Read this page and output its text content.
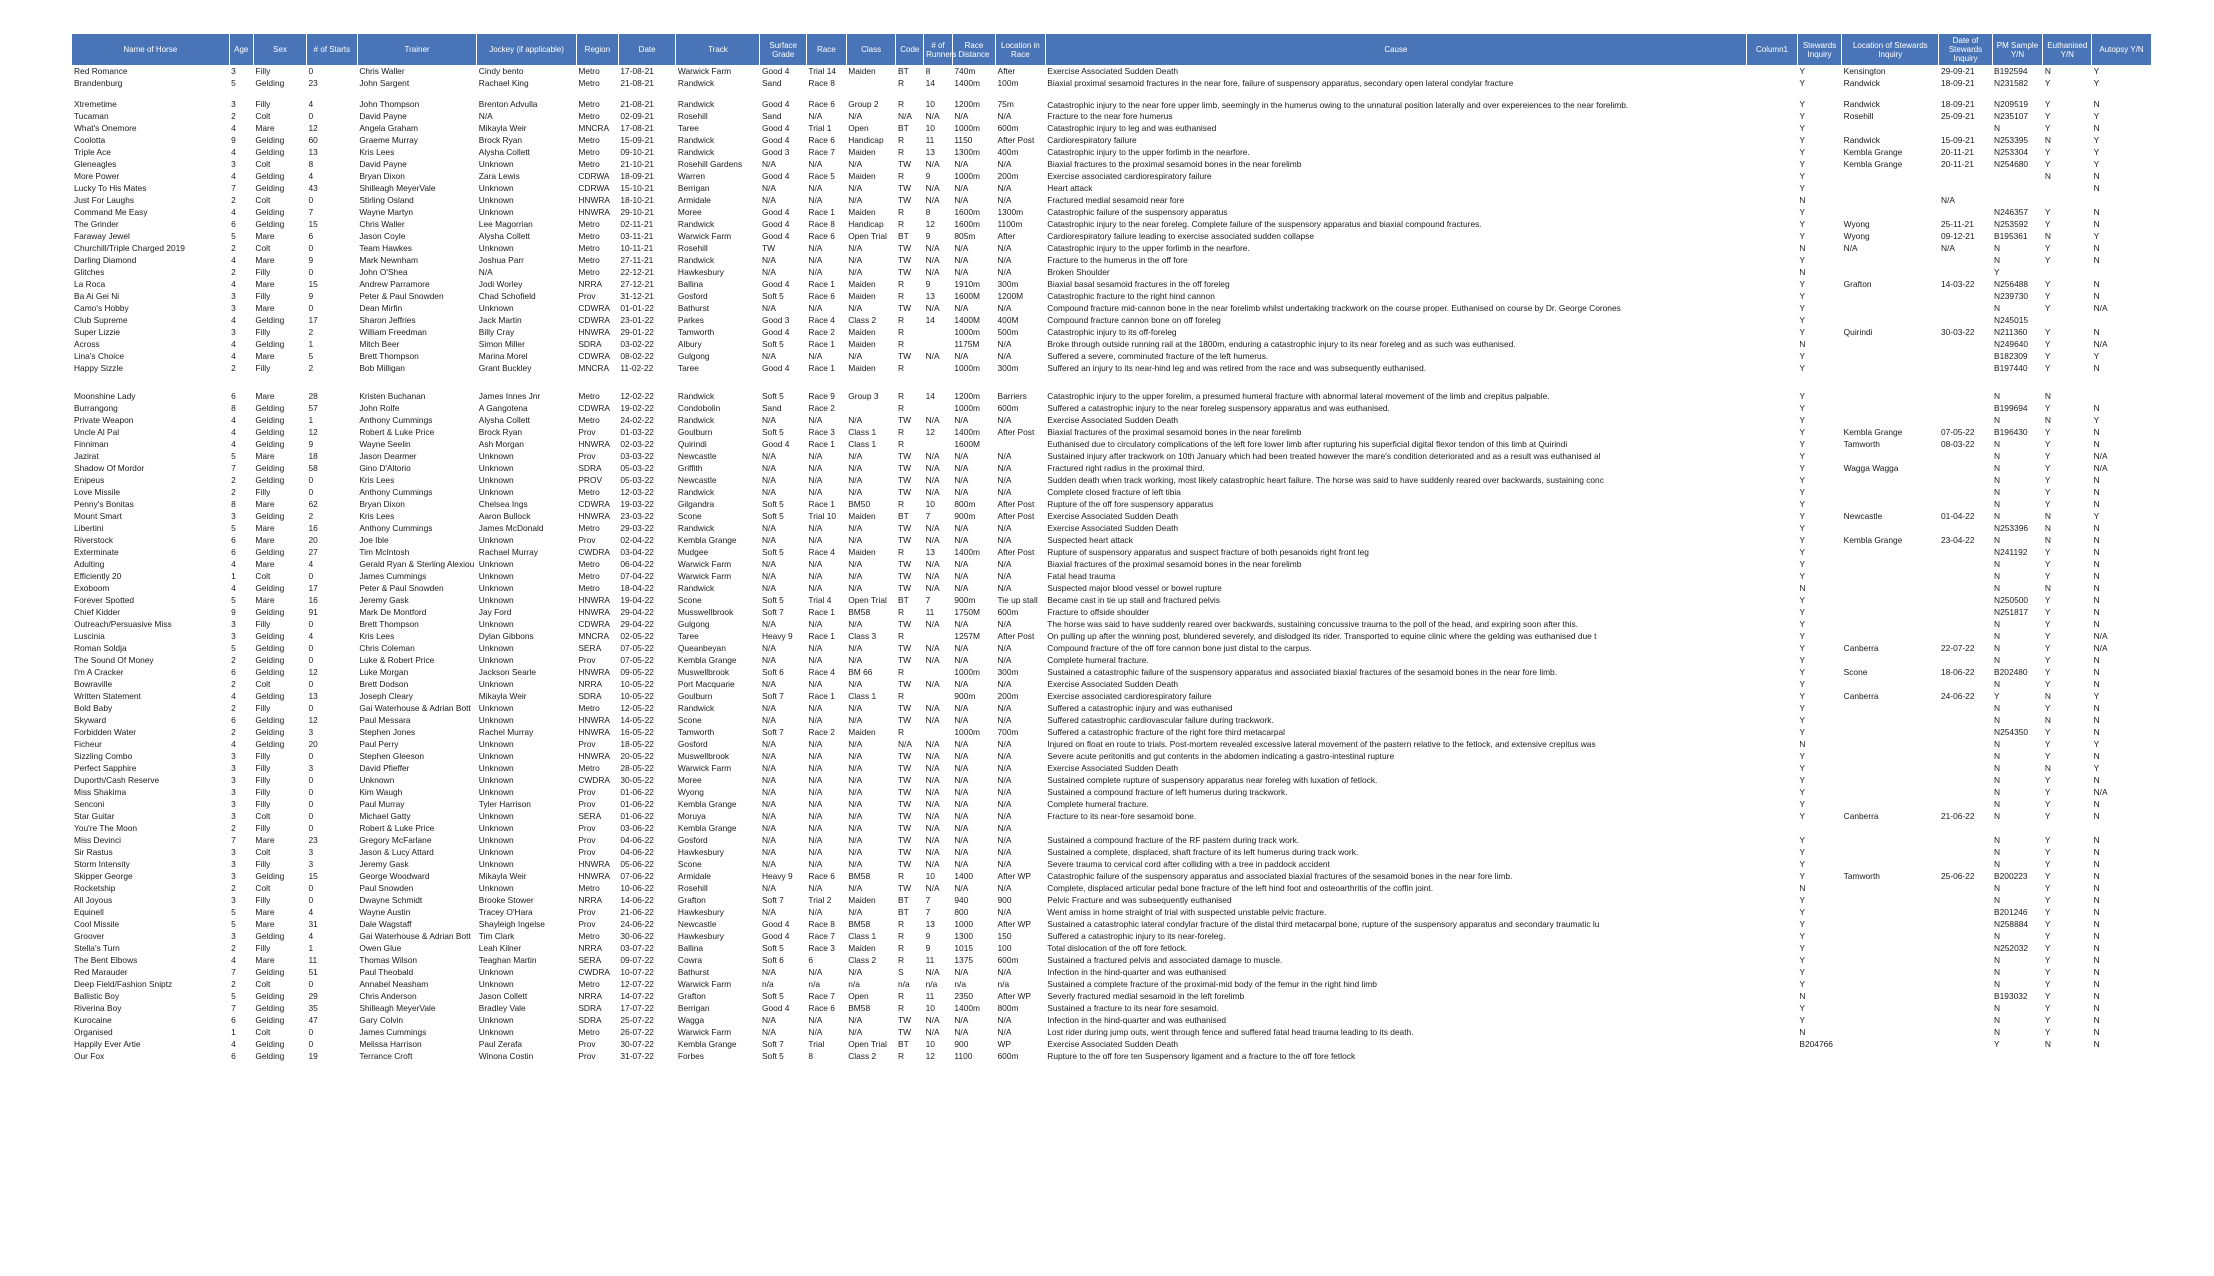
Name of Horse	Age	Sex	# of Starts	Trainer	Jockey (if applicable)	Region	Date	Track	Surface Grade	Race	Class	Code	# of Runners	Race Distance	Location in Race	Cause	Column1	Stewards Inquiry	Location of Stewards Inquiry	Date of Stewards Inquiry	PM Sample Y/N	Euthanised Y/N	Autopsy Y/N
Red Romance	3	Filly	0	Chris Waller	Cindy bento	Metro	17-08-21	Warwick Farm	Good 4	Trial 14	Maiden	BT	8	740m	After	Exercise Associated Sudden Death		Y	Kensington	29-09-21	B192594	N	Y
Brandenburg	5	Gelding	23	John Sargent	Rachael King	Metro	21-08-21	Randwick	Sand	Race 8		R	14	1400m	100m	Biaxial proximal sesamoid fractures in the near fore, failure of suspensory apparatus, secondary open lateral condylar fracture		Y	Randwick	18-09-21	N231582	Y	Y
Xtremetime	3	Filly	4	John Thompson	Brenton Advulla	Metro	21-08-21	Randwick	Good 4	Race 6	Group 2	R	10	1200m	75m	Catastrophic injury to the near fore upper limb, seemingly in the humerus owing to the unnatural position laterally and over expereiences to the near forelimb.		Y	Randwick	18-09-21	N209519	Y	N
Tucaman	2	Colt	0	David Payne	N/A	Metro	02-09-21	Rosehill	Sand	N/A	N/A	N/A	N/A	N/A	N/A	Fracture to the near fore humerus		Y	Rosehill	25-09-21	N235107	Y	Y
What's Onemore	4	Mare	12	Angela Graham	Mikayla Weir	MNCRA	17-08-21	Taree	Good 4	Trial 1	Open	BT	10	1000m	600m	Catastrophic injury to leg and was euthanised		Y			N	Y	N
Coolotta	9	Gelding	60	Graeme Murray	Brock Ryan	Metro	15-09-21	Randwick	Good 4	Race 6	Handicap	R	11	1150	After Post	Cardiorespiratory failure		Y	Randwick	15-09-21	N253395	N	Y
Triple Ace	4	Gelding	13	Kris Lees	Alysha Collett	Metro	09-10-21	Randwick	Good 3	Race 7	Maiden	R	13	1300m	400m	Catastrophic injury to the upper forlimb in the nearfore.		Y	Kembla Grange	20-11-21	N253304	Y	Y
Gleneagles	3	Colt	8	David Payne	Unknown	Metro	21-10-21	Rosehill Gardens	N/A	N/A	N/A	TW	N/A	N/A	N/A	Biaxial fractures to the proximal sesamoid bones in the near forelimb		Y	Kembla Grange	20-11-21	N254680	Y	Y
More Power	4	Gelding	4	Bryan Dixon	Zara Lewis	CDRWA	18-09-21	Warren	Good 4	Race 5	Maiden	R	9	1000m	200m	Exercise associated cardiorespiratory failure		Y				N	N
Lucky To His Mates	7	Gelding	43	Shilleagh MeyerVale	Unknown	CDRWA	15-10-21	Berrigan	N/A	N/A	N/A	TW	N/A	N/A	N/A	Heart attack		Y					N
Just For Laughs	2	Colt	0	Stirling Osland	Unknown	HNWRA	18-10-21	Armidale	N/A	N/A	N/A	TW	N/A	N/A	N/A	Fractured medial sesamoid near fore		N		N/A			
Command Me Easy	4	Gelding	7	Wayne Martyn	Unknown	HNWRA	29-10-21	Moree	Good 4	Race 1	Maiden	R	8	1600m	1300m	Catastrophic failure of the suspensory apparatus		Y			N246357	Y	N
The Grinder	6	Gelding	15	Chris Waller	Lee Magorrian	Metro	02-11-21	Randwick	Good 4	Race 8	Handicap	R	12	1600m	1100m	Catastrophic injury to the near foreleg. Complete failure of the suspensory apparatus and biaxial compound fractures.		Y	Wyong	25-11-21	N253592	Y	N
Faraway Jewel	5	Mare	6	Jason Coyle	Alysha Collett	Metro	03-11-21	Warwick Farm	Good 4	Race 6	Open Trial	BT	9	805m	After	Cardiorespiratory failure leading to exercise associated sudden collapse		Y	Wyong	09-12-21	B195361	N	Y
Churchill/Triple Charged 2019	2	Colt	0	Team Hawkes	Unknown	Metro	10-11-21	Rosehill	TW	N/A	N/A	TW	N/A	N/A	N/A	Catastrophic injury to the upper forlimb in the nearfore.		N	N/A	N/A	N	Y	N
Darling Diamond	4	Mare	9	Mark Newnham	Joshua Parr	Metro	27-11-21	Randwick	N/A	N/A	N/A	TW	N/A	N/A	N/A	Fracture to the humerus in the off fore		Y			N	Y	N
Glitches	2	Filly	0	John O'Shea	N/A	Metro	22-12-21	Hawkesbury	N/A	N/A	N/A	TW	N/A	N/A	N/A	Broken Shoulder		N			Y		
La Roca	4	Mare	15	Andrew Parramore	Jodi Worley	NRRA	27-12-21	Ballina	Good 4	Race 1	Maiden	R	9	1910m	300m	Biaxial basal sesamoid fractures in the off foreleg		Y	Grafton	14-03-22	N256488	Y	N
Ba Ai Gei Ni	3	Filly	9	Peter & Paul Snowden	Chad Schofield	Prov	31-12-21	Gosford	Soft 5	Race 6	Maiden	R	13	1600M	1200M	Catastrophic fracture to the right hind cannon		Y			N239730	Y	N
Camo's Hobby	3	Mare	0	Dean Mirfin	Unknown	CDWRA	01-01-22	Bathurst	N/A	N/A	N/A	TW	N/A	N/A	N/A	Compound fracture mid-cannon bone in the near forelimb whilst undertaking trackwork on the course proper. Euthanised on course by Dr. George Corones		Y			N	Y	N/A
Club Supreme	4	Gelding	17	Sharon Jeffries	Jack Martin	CDWRA	23-01-22	Parkes	Good 3	Race 4	Class 2	R	14	1400M	400M	Compound fracture cannon bone on off foreleg		Y			N245015		
Super Lizzie	3	Filly	2	William Freedman	Billy Cray	HNWRA	29-01-22	Tamworth	Good 4	Race 2	Maiden	R		1000m	500m	Catastrophic injury to its off-foreleg		Y	Quirindi	30-03-22	N211360	Y	N
Across	4	Gelding	1	Mitch Beer	Simon Miller	SDRA	03-02-22	Albury	Soft 5	Race 1	Maiden	R		1175M	N/A	Broke through outside running rail at the 1800m, enduring a catastrophic injury to its near foreleg and as such was euthanised.		N			N249640	Y	N/A
Lina's Choice	4	Mare	5	Brett Thompson	Marina Morel	CDWRA	08-02-22	Gulgong	N/A	N/A	N/A	TW	N/A	N/A	N/A	Suffered a severe, comminuted fracture of the left humerus.		Y			B182309	Y	Y
Happy Sizzle	2	Filly	2	Bob Milligan	Grant Buckley	MNCRA	11-02-22	Taree	Good 4	Race 1	Maiden	R		1000m	300m	Suffered an injury to its near-hind leg and was retired from the race and was subsequently euthanised.		Y			B197440	Y	N

Moonshine Lady	6	Mare	28	Kristen Buchanan	James Innes Jnr	Metro	12-02-22	Randwick	Soft 5	Race 9	Group 3	R	14	1200m	Barriers	Catastrophic injury to the upper forelim, a presumed humeral fracture with abnormal lateral movement of the limb and crepitus palpable.		Y			N	N	
Burrangong	8	Gelding	57	John Rolfe	A Gangotena	CDWRA	19-02-22	Condobolin	Sand	Race 2		R		1000m	600m	Suffered a catastrophic injury to the near foreleg suspensory apparatus and was euthanised.		Y			B199694	Y	N
Private Weapon	4	Gelding	1	Anthony Cummings	Alysha Collett	Metro	24-02-22	Randwick	N/A	N/A	N/A	TW	N/A	N/A	N/A	Exercise Associated Sudden Death		Y			N	N	Y
Uncle Al Pal	4	Gelding	12	Robert & Luke Price	Brock Ryan	Prov	01-03-22	Goulburn	Soft 5	Race 3	Class 1	R	12	1400m	After Post	Biaxial fractures of the proximal sesamoid bones in the near forelimb		Y	Kembla Grange	07-05-22	B196430	Y	N
Finniman	4	Gelding	9	Wayne Seelin	Ash Morgan	HNWRA	02-03-22	Quirindi	Good 4	Race 1	Class 1	R		1600M		Euthanised due to circulatory complications of the left fore lower limb after rupturing his superficial digital flexor tendon of this limb at Quirindi		Y	Tamworth	08-03-22	N	Y	N
Jazirat	5	Mare	18	Jason Dearmer	Unknown	Prov	03-03-22	Newcastle	N/A	N/A	N/A	TW	N/A	N/A	N/A	Sustained injury after trackwork on 10th January which had been treated however the mare's condition deteriorated and as a result was euthanised al		Y			N	Y	N/A
Shadow Of Mordor	7	Gelding	58	Gino D'Altorio	Unknown	SDRA	05-03-22	Griffith	N/A	N/A	N/A	TW	N/A	N/A	N/A	Fractured right radius in the proximal third.		Y	Wagga Wagga		N	Y	N/A
Enipeus	2	Gelding	0	Kris Lees	Unknown	PROV	05-03-22	Newcastle	N/A	N/A	N/A	TW	N/A	N/A	N/A	Sudden death when track working, most likely catastrophic heart failure. The horse was said to have suddenly reared over backwards, sustaining conc		Y			N	Y	N
Love Missile	2	Filly	0	Anthony Cummings	Unknown	Metro	12-03-22	Randwick	N/A	N/A	N/A	TW	N/A	N/A	N/A	Complete closed fracture of left tibia		Y			N	Y	N
Penny's Bonitas	8	Mare	62	Bryan Dixon	Chelsea Ings	CDWRA	19-03-22	Gilgandra	Soft 5	Race 1	BM50	R	10	800m	After Post	Rupture of the off fore suspensory apparatus		Y			N	Y	N
Mount Smart	3	Gelding	2	Kris Lees	Aaron Bullock	HNWRA	23-03-22	Scone	Soft 5	Trial 10	Maiden	BT	7	900m	After Post	Exercise Associated Sudden Death		Y	Newcastle	01-04-22	N	N	Y
Libertini	5	Mare	16	Anthony Cummings	James McDonald	Metro	29-03-22	Randwick	N/A	N/A	N/A	TW	N/A	N/A	N/A	Exercise Associated Sudden Death		Y			N253396	N	N
Riverstock	6	Mare	20	Joe Ible	Unknown	Prov	02-04-22	Kembla Grange	N/A	N/A	N/A	TW	N/A	N/A	N/A	Suspected heart attack		Y	Kembla Grange	23-04-22	N	N	N
Exterminate	6	Gelding	27	Tim McIntosh	Rachael Murray	CWDRA	03-04-22	Mudgee	Soft 5	Race 4	Maiden	R	13	1400m	After Post	Rupture of suspensory apparatus and suspect fracture of both pesanoids right front leg		Y			N241192	Y	N
Adulting	4	Mare	4	Gerald Ryan & Sterling Alexiou	Unknown	Metro	06-04-22	Warwick Farm	N/A	N/A	N/A	TW	N/A	N/A	N/A	Biaxial fractures of the proximal sesamoid bones in the near forelimb		Y			N	Y	N
Efficiently 20	1	Colt	0	James Cummings	Unknown	Metro	07-04-22	Warwick Farm	N/A	N/A	N/A	TW	N/A	N/A	N/A	Fatal head trauma		Y			N	Y	N
Exoboom	4	Gelding	17	Peter & Paul Snowden	Unknown	Metro	18-04-22	Randwick	N/A	N/A	N/A	TW	N/A	N/A	N/A	Suspected major blood vessel or bowel rupture		N			N	N	N
Forever Spotted	5	Mare	16	Jeremy Gask	Unknown	HNWRA	19-04-22	Scone	Soft 5	Trial 4	Open Trial	BT	7	900m	Tie up stall	Became cast in tie up stall and fractured pelvis		Y			N250500	Y	N
Chief Kidder	9	Gelding	91	Mark De Montford	Jay Ford	HNWRA	29-04-22	Musswellbrook	Soft 7	Race 1	BM58	R	11	1750M	600m	Fracture to offside shoulder		Y			N251817	Y	N
Outreach/Persuasive Miss	3	Filly	0	Brett Thompson	Unknown	CDWRA	29-04-22	Gulgong	N/A	N/A	N/A	TW	N/A	N/A	N/A	The horse was said to have suddenly reared over backwards, sustaining concussive trauma to the poll of the head, and expiring soon after this.		Y			N	Y	N
Luscinia	3	Gelding	4	Kris Lees	Dylan Gibbons	MNCRA	02-05-22	Taree	Heavy 9	Race 1	Class 3	R		1257M	After Post	On pulling up after the winning post, blundered severely, and dislodged its rider. Transported to equine clinic where the gelding was euthanised due t		Y			N	Y	N/A
Roman Soldja	5	Gelding	0	Chris Coleman	Unknown	SERA	07-05-22	Queanbeyan	N/A	N/A	N/A	TW	N/A	N/A	N/A	Compound fracture of the off fore cannon bone just distal to the carpus.		Y	Canberra	22-07-22	N	Y	N/A
The Sound Of Money	2	Gelding	0	Luke & Robert Price	Unknown	Prov	07-05-22	Kembla Grange	N/A	N/A	N/A	TW	N/A	N/A	N/A	Complete humeral fracture.		Y			N	Y	N
I'm A Cracker	6	Gelding	12	Luke Morgan	Jackson Searle	HNWRA	09-05-22	Muswellbrook	Soft 6	Race 4	BM 66	R		1000m	300m	Sustained a catastrophic failure of the suspensory apparatus and associated biaxial fractures of the sesamoid bones in the near fore limb.		Y	Scone	18-06-22	B202480	Y	N
Bowraville	2	Colt	0	Brett Dodson	Unknown	NRRA	10-05-22	Port Macquarie	N/A	N/A	N/A	TW	N/A	N/A	N/A	Exercise Associated Sudden Death		Y			N	Y	N
Written Statement	4	Gelding	13	Joseph Cleary	Mikayla Weir	SDRA	10-05-22	Goulburn	Soft 7	Race 1	Class 1	R		900m	200m	Exercise associated cardiorespiratory failure		Y	Canberra	24-06-22	Y	N	Y
Bold Baby	2	Filly	0	Gai Waterhouse & Adrian Bott	Unknown	Metro	12-05-22	Randwick	N/A	N/A	N/A	TW	N/A	N/A	N/A	Suffered a catastrophic injury and was euthanised		Y			N	Y	N
Skyward	6	Gelding	12	Paul Messara	Unknown	HNWRA	14-05-22	Scone	N/A	N/A	N/A	TW	N/A	N/A	N/A	Suffered catastrophic cardiovascular failure during trackwork.		Y			N	N	N
Forbidden Water	2	Gelding	3	Stephen Jones	Rachel Murray	HNWRA	16-05-22	Tamworth	Soft 7	Race 2	Maiden	R		1000m	700m	Suffered a catastrophic fracture of the right fore third metacarpal		Y			N254350	Y	N
Ficheur	4	Gelding	20	Paul Perry	Unknown	Prov	18-05-22	Gosford	N/A	N/A	N/A	N/A	N/A	N/A	N/A	Injured on float en route to trials. Post-mortem revealed excessive lateral movement of the pastern relative to the fetlock, and extensive crepitus was		N			N	Y	Y
Sizzling Combo	3	Filly	0	Stephen Gleeson	Unknown	HNWRA	20-05-22	Muswellbrook	N/A	N/A	N/A	TW	N/A	N/A	N/A	Severe acute peritonitis and gut contents in the abdomen indicating a gastro-intestinal rupture		Y			N	Y	N
Perfect Sapphire	3	Filly	3	David Pfieffer	Unknown	Metro	28-05-22	Warwick Farm	N/A	N/A	N/A	TW	N/A	N/A	N/A	Exercise Associated Sudden Death		Y			N	N	Y
Duporth/Cash Reserve	3	Filly	0	Unknown	Unknown	CWDRA	30-05-22	Moree	N/A	N/A	N/A	TW	N/A	N/A	N/A	Sustained complete rupture of suspensory apparatus near foreleg with luxation of fetlock.		Y			N	Y	N
Miss Shakima	3	Filly	0	Kim Waugh	Unknown	Prov	01-06-22	Wyong	N/A	N/A	N/A	TW	N/A	N/A	N/A	Sustained a compound fracture of left humerus during trackwork.		Y			N	Y	N/A
Senconi	3	Filly	0	Paul Murray	Tyler Harrison	Prov	01-06-22	Kembla Grange	N/A	N/A	N/A	TW	N/A	N/A	N/A	Complete humeral fracture.		Y			N	Y	N
Star Guitar	3	Colt	0	Michael Gatty	Unknown	SERA	01-06-22	Moruya	N/A	N/A	N/A	TW	N/A	N/A	N/A	Fracture to its near-fore sesamoid bone.		Y	Canberra	21-06-22	N	Y	N
You're The Moon	2	Filly	0	Robert & Luke Price	Unknown	Prov	03-06-22	Kembla Grange	N/A	N/A	N/A	TW	N/A	N/A	N/A								
Miss Devinci	7	Mare	23	Gregory McFarlane	Unknown	Prov	04-06-22	Gosford	N/A	N/A	N/A	TW	N/A	N/A	N/A	Sustained a compound fracture of the RF pastern during track work.		Y			N	Y	N
Sir Rastus	3	Colt	3	Jason & Lucy Attard	Unknown	Prov	04-06-22	Hawkesbury	N/A	N/A	N/A	TW	N/A	N/A	N/A	Sustained a complete, displaced, shaft fracture of its left humerus during track work.		Y			N	Y	N
Storm Intensity	3	Filly	3	Jeremy Gask	Unknown	HNWRA	05-06-22	Scone	N/A	N/A	N/A	TW	N/A	N/A	N/A	Severe trauma to cervical cord after colliding with a tree in paddock accident		Y			N	Y	N
Skipper George	3	Gelding	15	George Woodward	Mikayla Weir	HNWRA	07-06-22	Armidale	Heavy 9	Race 6	BM58	R	10	1400	After WP	Catastrophic failure of the suspensory apparatus and associated biaxial fractures of the sesamoid bones in the near fore limb.		Y	Tamworth	25-06-22	B200223	Y	N
Rocketship	2	Colt	0	Paul Snowden	Unknown	Metro	10-06-22	Rosehill	N/A	N/A	N/A	TW	N/A	N/A	N/A	Complete, displaced articular pedal bone fracture of the left hind foot and osteoarthritis of the coffin joint.		N			N	Y	N
All Joyous	3	Filly	0	Dwayne Schmidt	Brooke Stower	NRRA	14-06-22	Grafton	Soft 7	Trial 2	Maiden	BT	7	940	900	Pelvic Fracture and was subsequently euthanised		Y			N	Y	N
Equinell	5	Mare	4	Wayne Austin	Tracey O'Hara	Prov	21-06-22	Hawkesbury	N/A	N/A	N/A	BT	7	800	N/A	Went amiss in home straight of trial with suspected unstable pelvic fracture.		Y			B201246	Y	N
Cool Missile	5	Mare	31	Dale Wagstaff	Shayleigh Ingelse	Prov	24-06-22	Newcastle	Good 4	Race 8	BM58	R	13	1000	After WP	Sustained a catastrophic lateral condylar fracture of the distal third metacarpal bone, rupture of the suspensory apparatus and secondary traumatic lu		Y			N258884	Y	N
Groover	3	Gelding	4	Gai Waterhouse & Adrian Bott	Tim Clark	Metro	30-06-22	Hawkesbury	Good 4	Race 7	Class 1	R	9	1300	150	Suffered a catastrophic injury to its near-foreleg.		Y			N	Y	N
Stella's Turn	2	Filly	1	Owen Glue	Leah Kilner	NRRA	03-07-22	Ballina	Soft 5	Race 3	Maiden	R	9	1015	100	Total dislocation of the off fore fetlock.		Y			N252032	Y	N
The Bent Elbows	4	Mare	11	Thomas Wilson	Teaghan Martin	SERA	09-07-22	Cowra	Soft 6	6	Class 2	R	11	1375	600m	Sustained a fractured pelvis and associated damage to muscle.		Y			N	Y	N
Red Marauder	7	Gelding	51	Paul Theobald	Unknown	CWDRA	10-07-22	Bathurst	N/A	N/A	N/A	S	N/A	N/A	N/A	Infection in the hind-quarter and was euthanised		Y			N	Y	N
Deep Field/Fashion Sniptz	2	Colt	0	Annabel Neasham	Unknown	Metro	12-07-22	Warwick Farm	n/a	n/a	n/a	n/a	n/a	n/a	n/a	Sustained a complete fracture of the proximal-mid body of the femur in the right hind limb		Y			N	Y	N
Ballistic Boy	5	Gelding	29	Chris Anderson	Jason Collett	NRRA	14-07-22	Grafton	Soft 5	Race 7	Open	R	11	2350	After WP	Severly fractured medial sesamoid in the left forelimb		N			B193032	Y	N
Riverina Boy	7	Gelding	35	Shilleagh MeyerVale	Bradley Vale	SDRA	17-07-22	Berrigan	Good 4	Race 6	BM58	R	10	1400m	800m	Sustained a fracture to its near fore sesamoid.		Y			N	Y	N
Kurocaine	6	Gelding	47	Gary Colvin	Unknown	SDRA	25-07-22	Wagga	N/A	N/A	N/A	TW	N/A	N/A	N/A	Infection in the hind-quarter and was euthanised		Y			N	Y	N
Organised	1	Colt	0	James Cummings	Unknown	Metro	26-07-22	Warwick Farm	N/A	N/A	N/A	TW	N/A	N/A	N/A	Lost rider during jump outs, went through fence and suffered fatal head trauma leading to its death.		N			N	Y	N
Happily Ever Artie	4	Gelding	0	Melissa Harrison	Paul Zerafa	Prov	30-07-22	Kembla Grange	Soft 7	Trial	Open Trial	BT	10	900	WP	Exercise Associated Sudden Death		B204766			Y	N	N
Our Fox	6	Gelding	19	Terrance Croft	Winona Costin	Prov	31-07-22	Forbes	Soft 5	8	Class 2	R	12	1100	600m	Rupture to the off fore ten Suspensory ligament and a fracture to the off fore fetlock							
